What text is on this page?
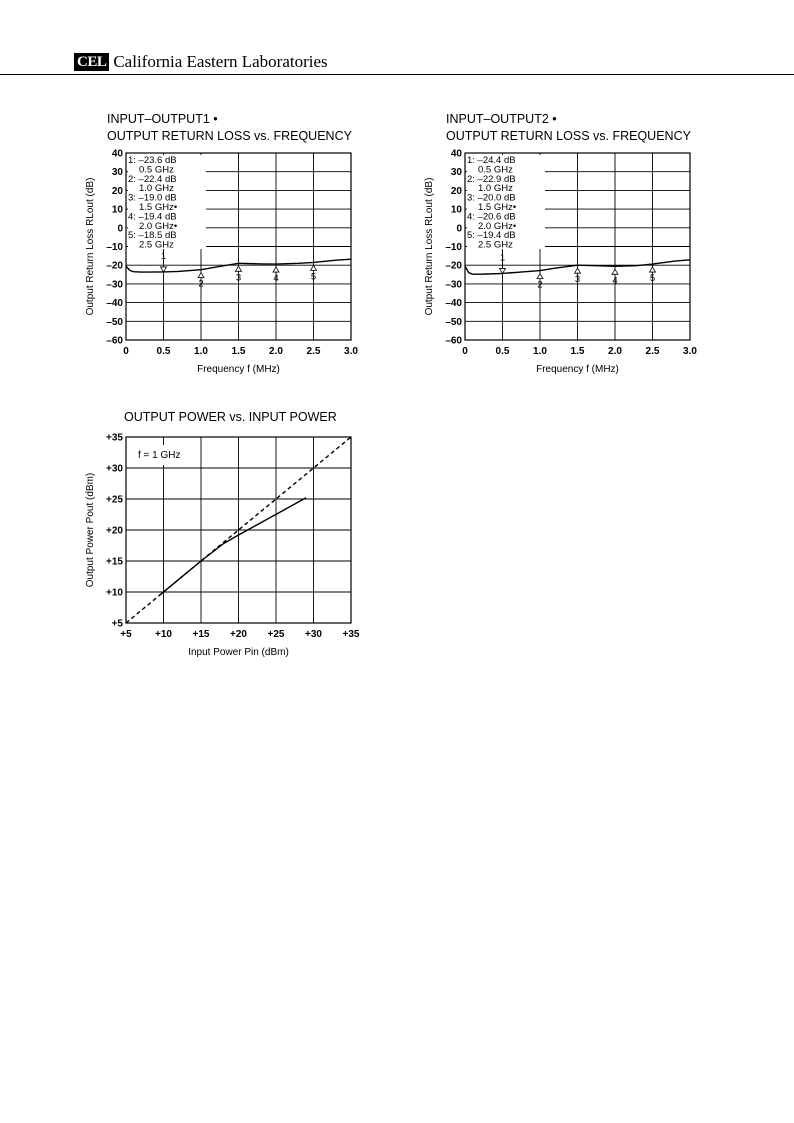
CEL California Eastern Laboratories
INPUT–OUTPUT1 •
OUTPUT RETURN LOSS vs. FREQUENCY
0	0.5 1.0 1.5 2.0 2.5 3.0
40
30
20
10
0
–10
–20
–30
–40
–50
–60
Frequency f (MHz)
Output Return Loss RLout (dB)	1
2
3	4	5
1: –23.6 dB
0.5 GHz
2: –22.4 dB
1.0 GHz
3: –19.0 dB
1.5 GHz•
4: –19.4 dB
2.0 GHz•
5: –18.5 dB
2.5 GHz
INPUT–OUTPUT2 •
OUTPUT RETURN LOSS vs. FREQUENCY
0	0.5 1.0 1.5 2.0 2.5 3.0
40
30
20
10
0
–10
–20
–30
–40
–50
–60
Frequency f (MHz)
Output Return Loss RLout (dB)	1
2	3	4	5
1: –24.4 dB
0.5 GHz
2: –22.9 dB
1.0 GHz
3: –20.0 dB
1.5 GHz•
4: –20.6 dB
2.0 GHz•
5: –19.4 dB
2.5 GHz
OUTPUT POWER vs. INPUT POWER
+5 +10 +15 +20 +25 +30 +35
+35
+30
+25
+20
+15
+10
+5
Input Power Pin (dBm)
Output Power Pout (dBm)
f = 1 GHz
